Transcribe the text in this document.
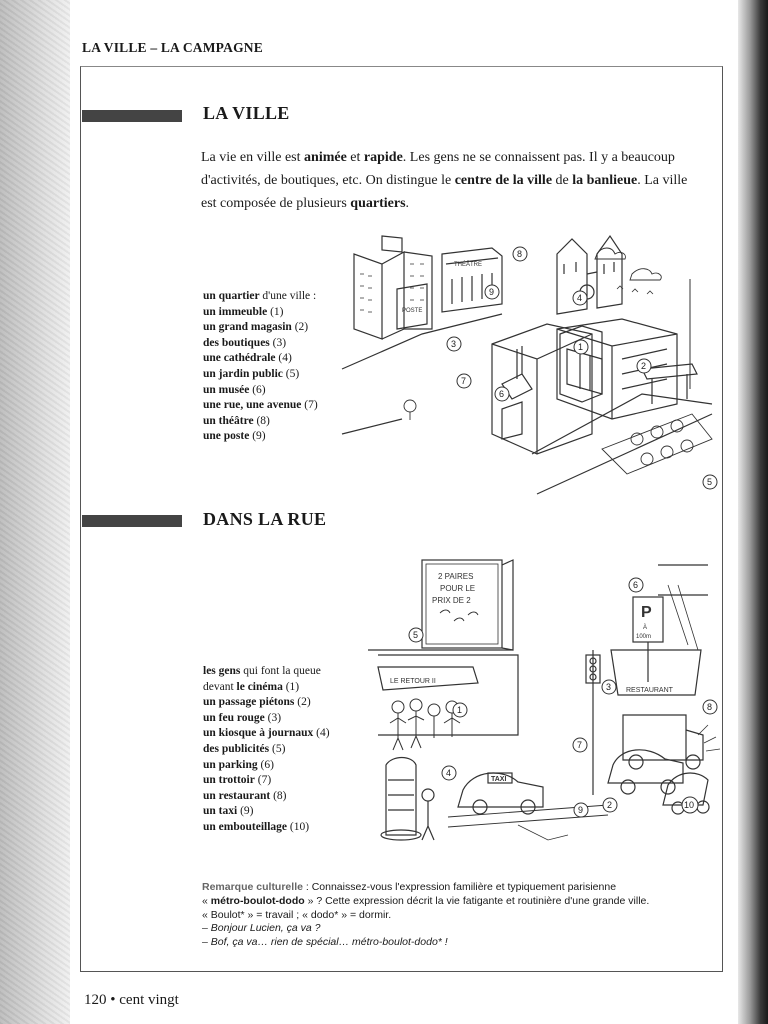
LA VILLE – LA CAMPAGNE
LA VILLE
La vie en ville est animée et rapide. Les gens ne se connaissent pas. Il y a beaucoup d'activités, de boutiques, etc. On distingue le centre de la ville de la banlieue. La ville est composée de plusieurs quartiers.
un quartier d'une ville :
un immeuble (1)
un grand magasin (2)
des boutiques (3)
une cathédrale (4)
un jardin public (5)
un musée (6)
une rue, une avenue (7)
un théâtre (8)
une poste (9)
POSTE
THÉÂTRE
1
2
3
4
5
6
7
8
9
DANS LA RUE
les gens qui font la queue
devant le cinéma (1)
un passage piétons (2)
un feu rouge (3)
un kiosque à journaux (4)
des publicités (5)
un parking (6)
un trottoir (7)
un restaurant (8)
un taxi (9)
un embouteillage (10)
2 PAIRES
POUR LE
PRIX DE 2
LE RETOUR II
P
À
100m
RESTAURANT
TAXI
1
2
3
4
5
6
7
8
9	10
Remarque culturelle : Connaissez-vous l'expression familière et typiquement parisienne
« métro-boulot-dodo » ? Cette expression décrit la vie fatigante et routinière d'une grande ville.
« Boulot* » = travail ; « dodo* » = dormir.
– Bonjour Lucien, ça va ?
– Bof, ça va… rien de spécial… métro-boulot-dodo* !
120 • cent vingt
